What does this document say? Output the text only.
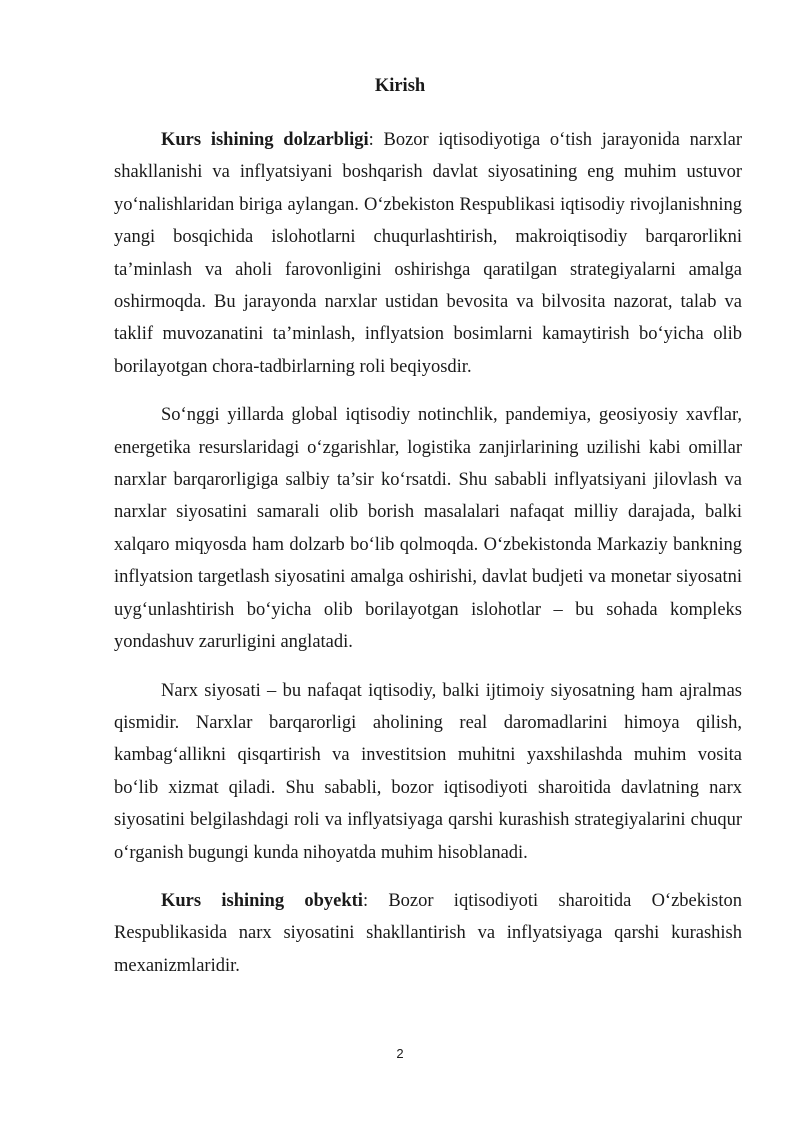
Kirish

Kurs ishining dolzarbligi: Bozor iqtisodiyotiga o‘tish jarayonida narxlar shakllanishi va inflyatsiyani boshqarish davlat siyosatining eng muhim ustuvor yo‘nalishlaridan biriga aylangan. O‘zbekiston Respublikasi iqtisodiy rivojlanishning yangi bosqichida islohotlarni chuqurlashtirish, makroiqtisodiy barqarorlikni ta’minlash va aholi farovonligini oshirishga qaratilgan strategiyalarni amalga oshirmoqda. Bu jarayonda narxlar ustidan bevosita va bilvosita nazorat, talab va taklif muvozanatini ta’minlash, inflyatsion bosimlarni kamaytirish bo‘yicha olib borilayotgan chora-tadbirlarning roli beqiyosdir.

So‘nggi yillarda global iqtisodiy notinchlik, pandemiya, geosiyosiy xavflar, energetika resurslaridagi o‘zgarishlar, logistika zanjirlarining uzilishi kabi omillar narxlar barqarorligiga salbiy ta’sir ko‘rsatdi. Shu sababli inflyatsiyani jilovlash va narxlar siyosatini samarali olib borish masalalari nafaqat milliy darajada, balki xalqaro miqyosda ham dolzarb bo‘lib qolmoqda. O‘zbekistonda Markaziy bankning inflyatsion targetlash siyosatini amalga oshirishi, davlat budjeti va monetar siyosatni uyg‘unlashtirish bo‘yicha olib borilayotgan islohotlar – bu sohada kompleks yondashuv zarurligini anglatadi.

Narx siyosati – bu nafaqat iqtisodiy, balki ijtimoiy siyosatning ham ajralmas qismidir. Narxlar barqarorligi aholining real daromadlarini himoya qilish, kambag‘allikni qisqartirish va investitsion muhitni yaxshilashda muhim vosita bo‘lib xizmat qiladi. Shu sababli, bozor iqtisodiyoti sharoitida davlatning narx siyosatini belgilashdagi roli va inflyatsiyaga qarshi kurashish strategiyalarini chuqur o‘rganish bugungi kunda nihoyatda muhim hisoblanadi.

Kurs ishining obyekti: Bozor iqtisodiyoti sharoitida O‘zbekiston Respublikasida narx siyosatini shakllantirish va inflyatsiyaga qarshi kurashish mexanizmlaridir.

2
